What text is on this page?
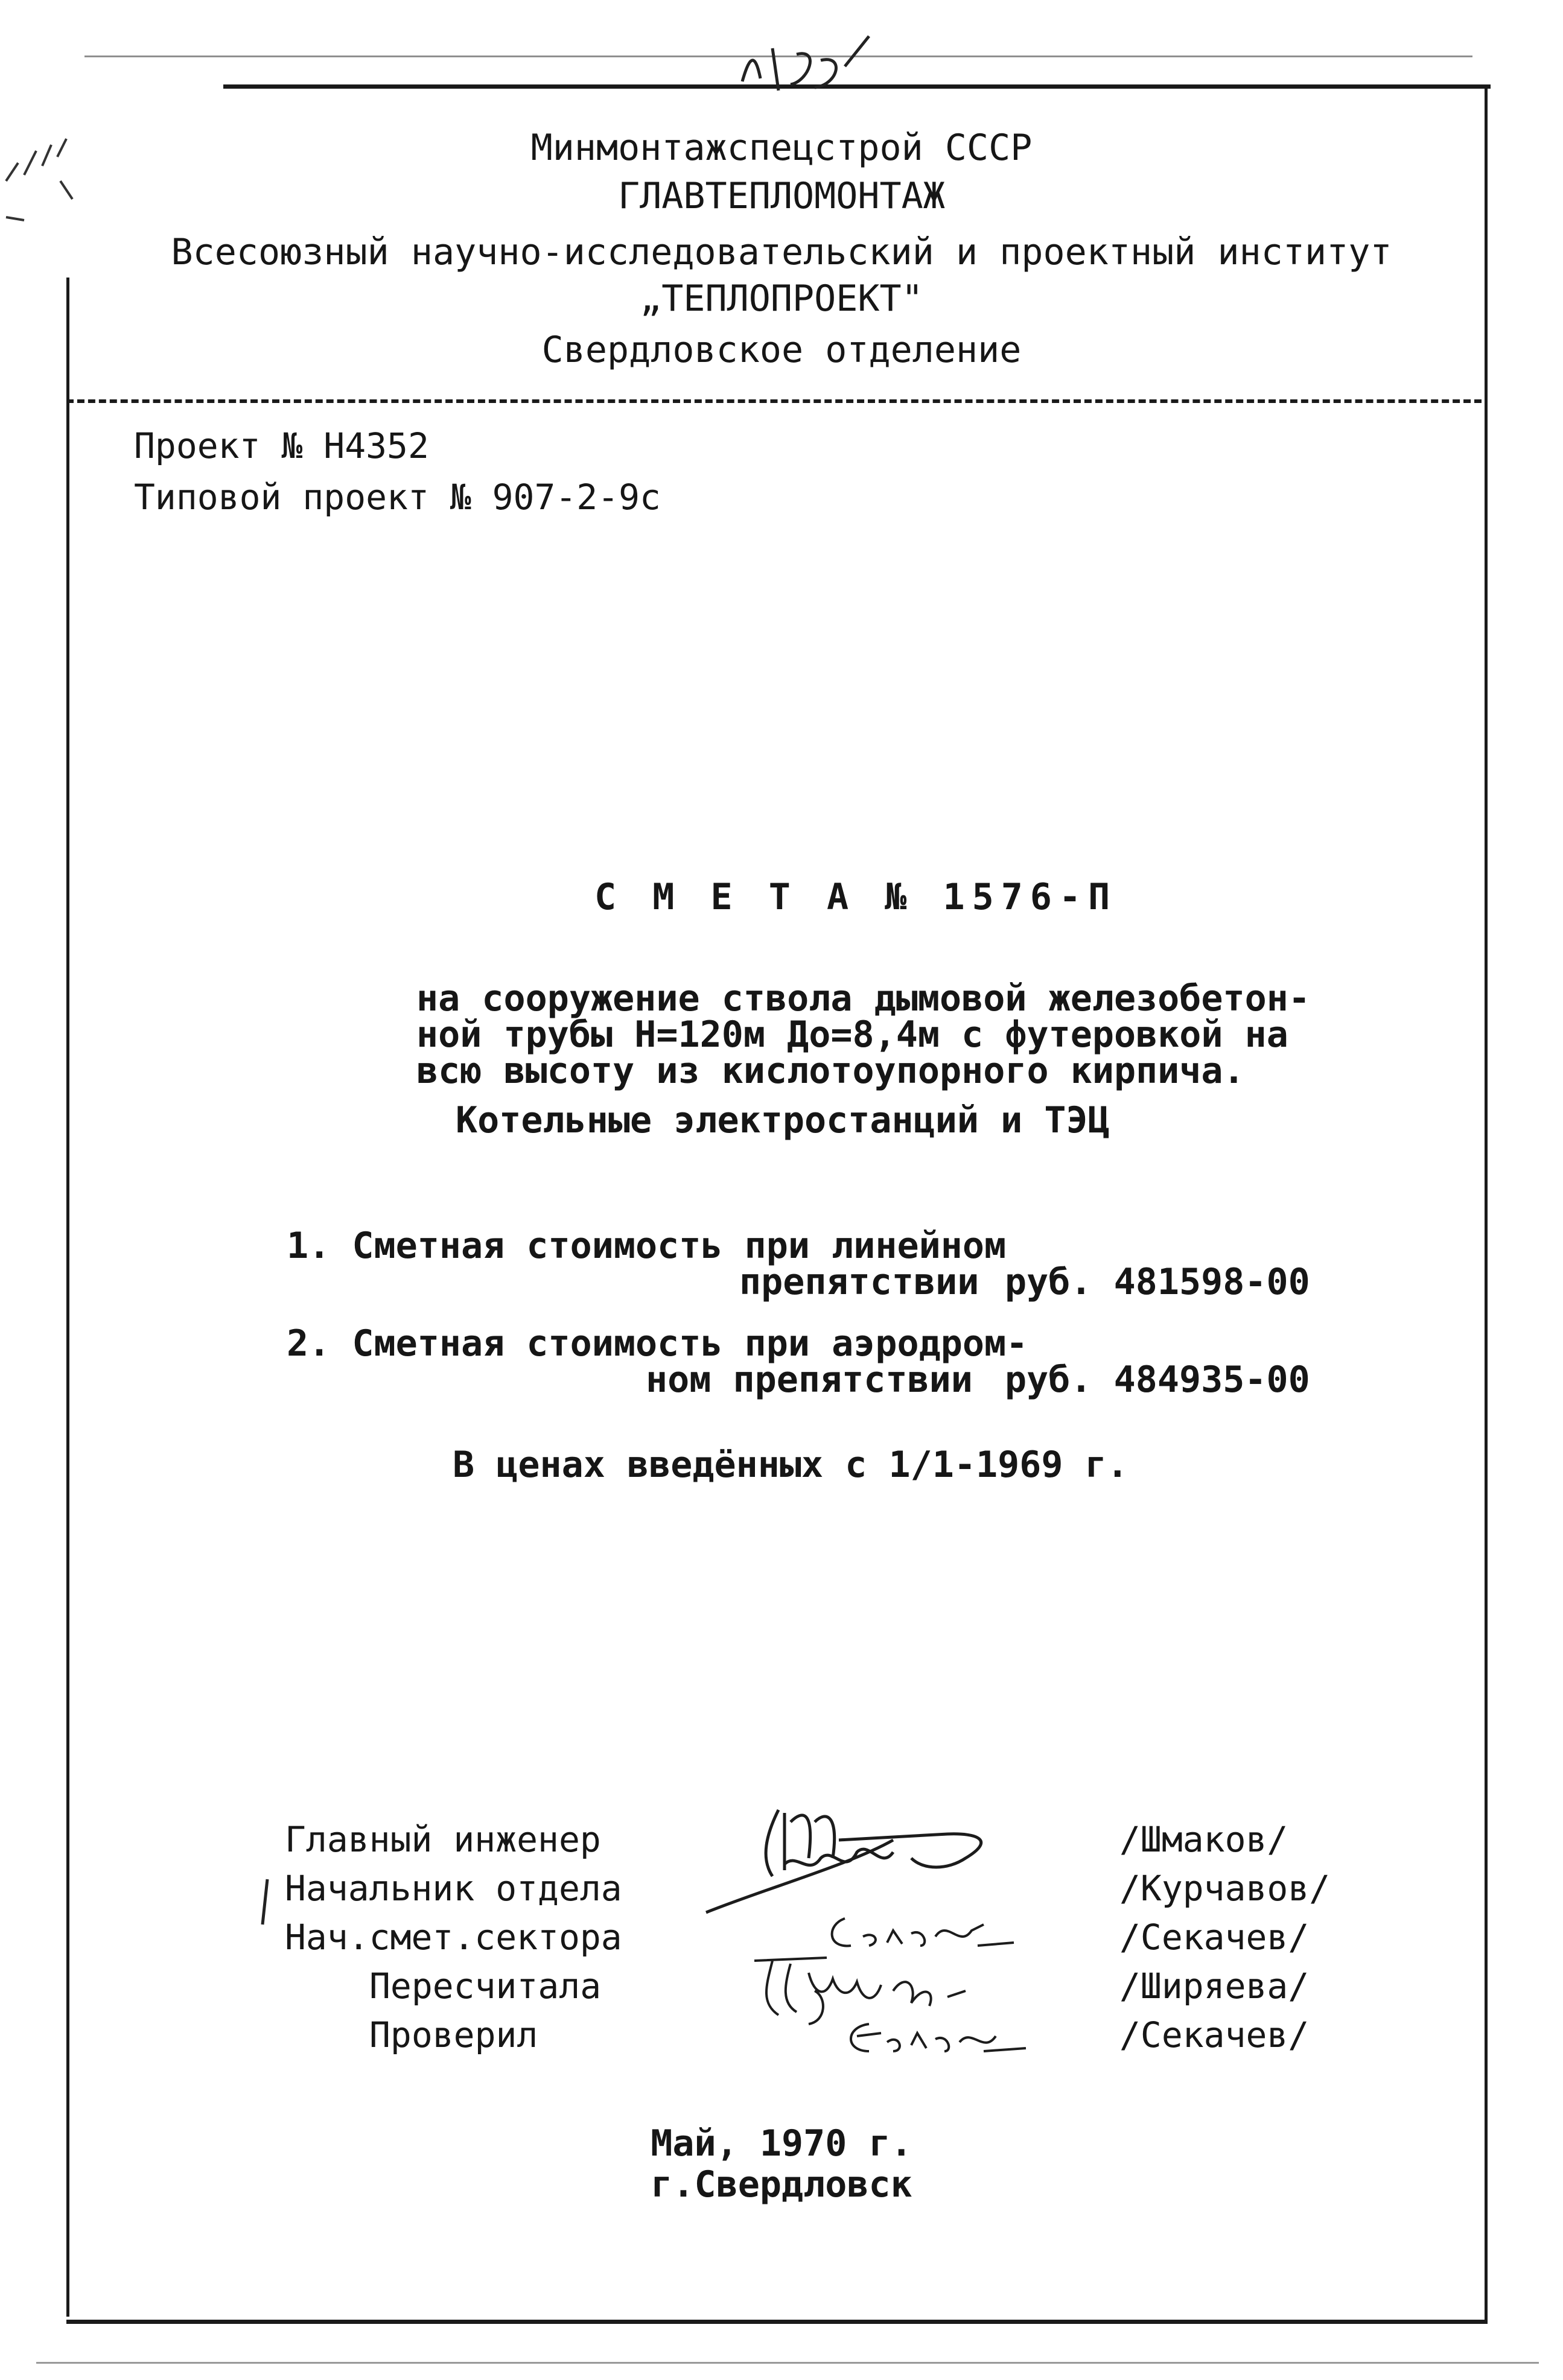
Минмонтажспецстрой СССР
ГЛАВТЕПЛОМОНТАЖ
Всесоюзный научно-исследовательский и проектный институт
„ТЕПЛОПРОЕКТ"
Свердловское отделение
Проект № Н4352
Типовой проект № 907-2-9с
С М Е Т А № 1576-П
на сооружение ствола дымовой железобетон-
ной трубы Н=120м До=8,4м с футеровкой на
всю высоту из кислотоупорного кирпича.
Котельные электростанций и ТЭЦ
1. Сметная стоимость при линейном
препятствии руб. 481598-00
2. Сметная стоимость при аэродром-
ном препятствии руб. 484935-00
В ценах введённых с 1/1-1969 г.
Главный инженер
Начальник отдела
Нач.смет.сектора
Пересчитала
Проверил
/Шмаков/
/Курчавов/
/Секачев/
/Ширяева/
/Секачев/
Май, 1970 г.
г.Свердловск
